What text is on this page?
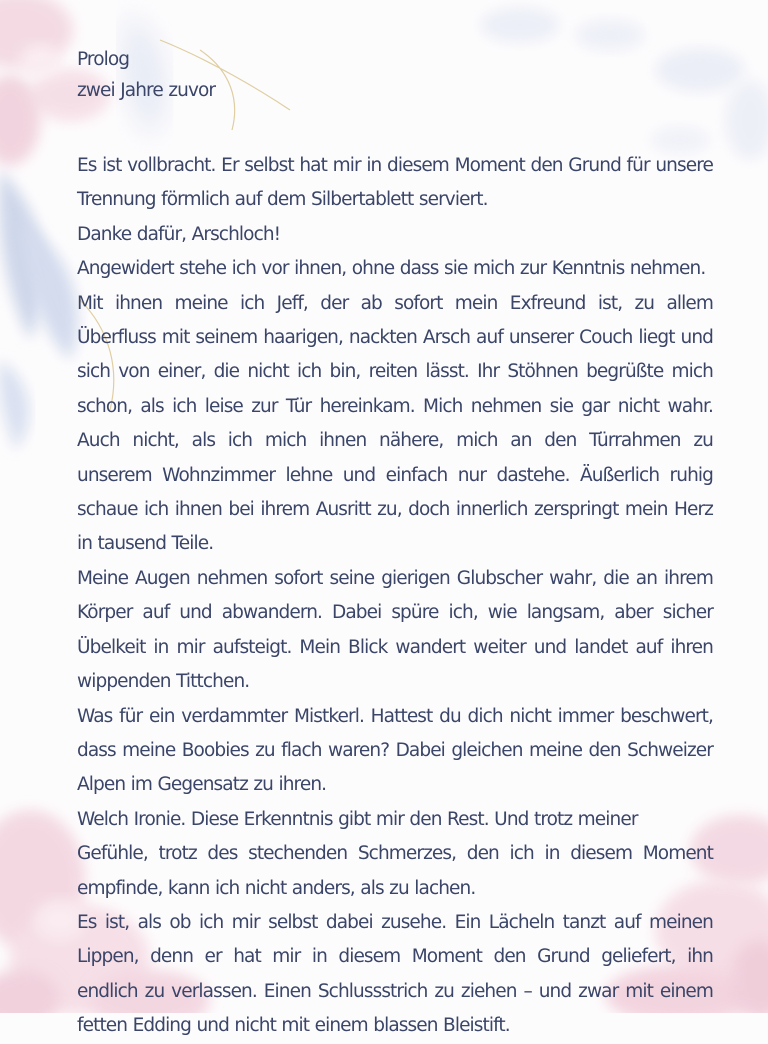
Prolog

zwei Jahre zuvor

Es ist vollbracht. Er selbst hat mir in diesem Moment den Grund für unsere Trennung förmlich auf dem Silbertablett serviert.

Danke dafür, Arschloch!

Angewidert stehe ich vor ihnen, ohne dass sie mich zur Kenntnis nehmen.

Mit ihnen meine ich Jeff, der ab sofort mein Exfreund ist, zu allem Überfluss mit seinem haarigen, nackten Arsch auf unserer Couch liegt und sich von einer, die nicht ich bin, reiten lässt. Ihr Stöhnen begrüßte mich schon, als ich leise zur Tür hereinkam. Mich nehmen sie gar nicht wahr. Auch nicht, als ich mich ihnen nähere, mich an den Türrahmen zu unserem Wohnzimmer lehne und einfach nur dastehe. Äußerlich ruhig schaue ich ihnen bei ihrem Ausritt zu, doch innerlich zerspringt mein Herz in tausend Teile.

Meine Augen nehmen sofort seine gierigen Glubscher wahr, die an ihrem Körper auf und abwandern. Dabei spüre ich, wie langsam, aber sicher Übelkeit in mir aufsteigt. Mein Blick wandert weiter und landet auf ihren wippenden Tittchen.

Was für ein verdammter Mistkerl. Hattest du dich nicht immer beschwert, dass meine Boobies zu flach waren? Dabei gleichen meine den Schweizer Alpen im Gegensatz zu ihren.

Welch Ironie. Diese Erkenntnis gibt mir den Rest. Und trotz meiner

Gefühle, trotz des stechenden Schmerzes, den ich in diesem Moment empfinde, kann ich nicht anders, als zu lachen.

Es ist, als ob ich mir selbst dabei zusehe. Ein Lächeln tanzt auf meinen Lippen, denn er hat mir in diesem Moment den Grund geliefert, ihn endlich zu verlassen. Einen Schlussstrich zu ziehen – und zwar mit einem fetten Edding und nicht mit einem blassen Bleistift.
